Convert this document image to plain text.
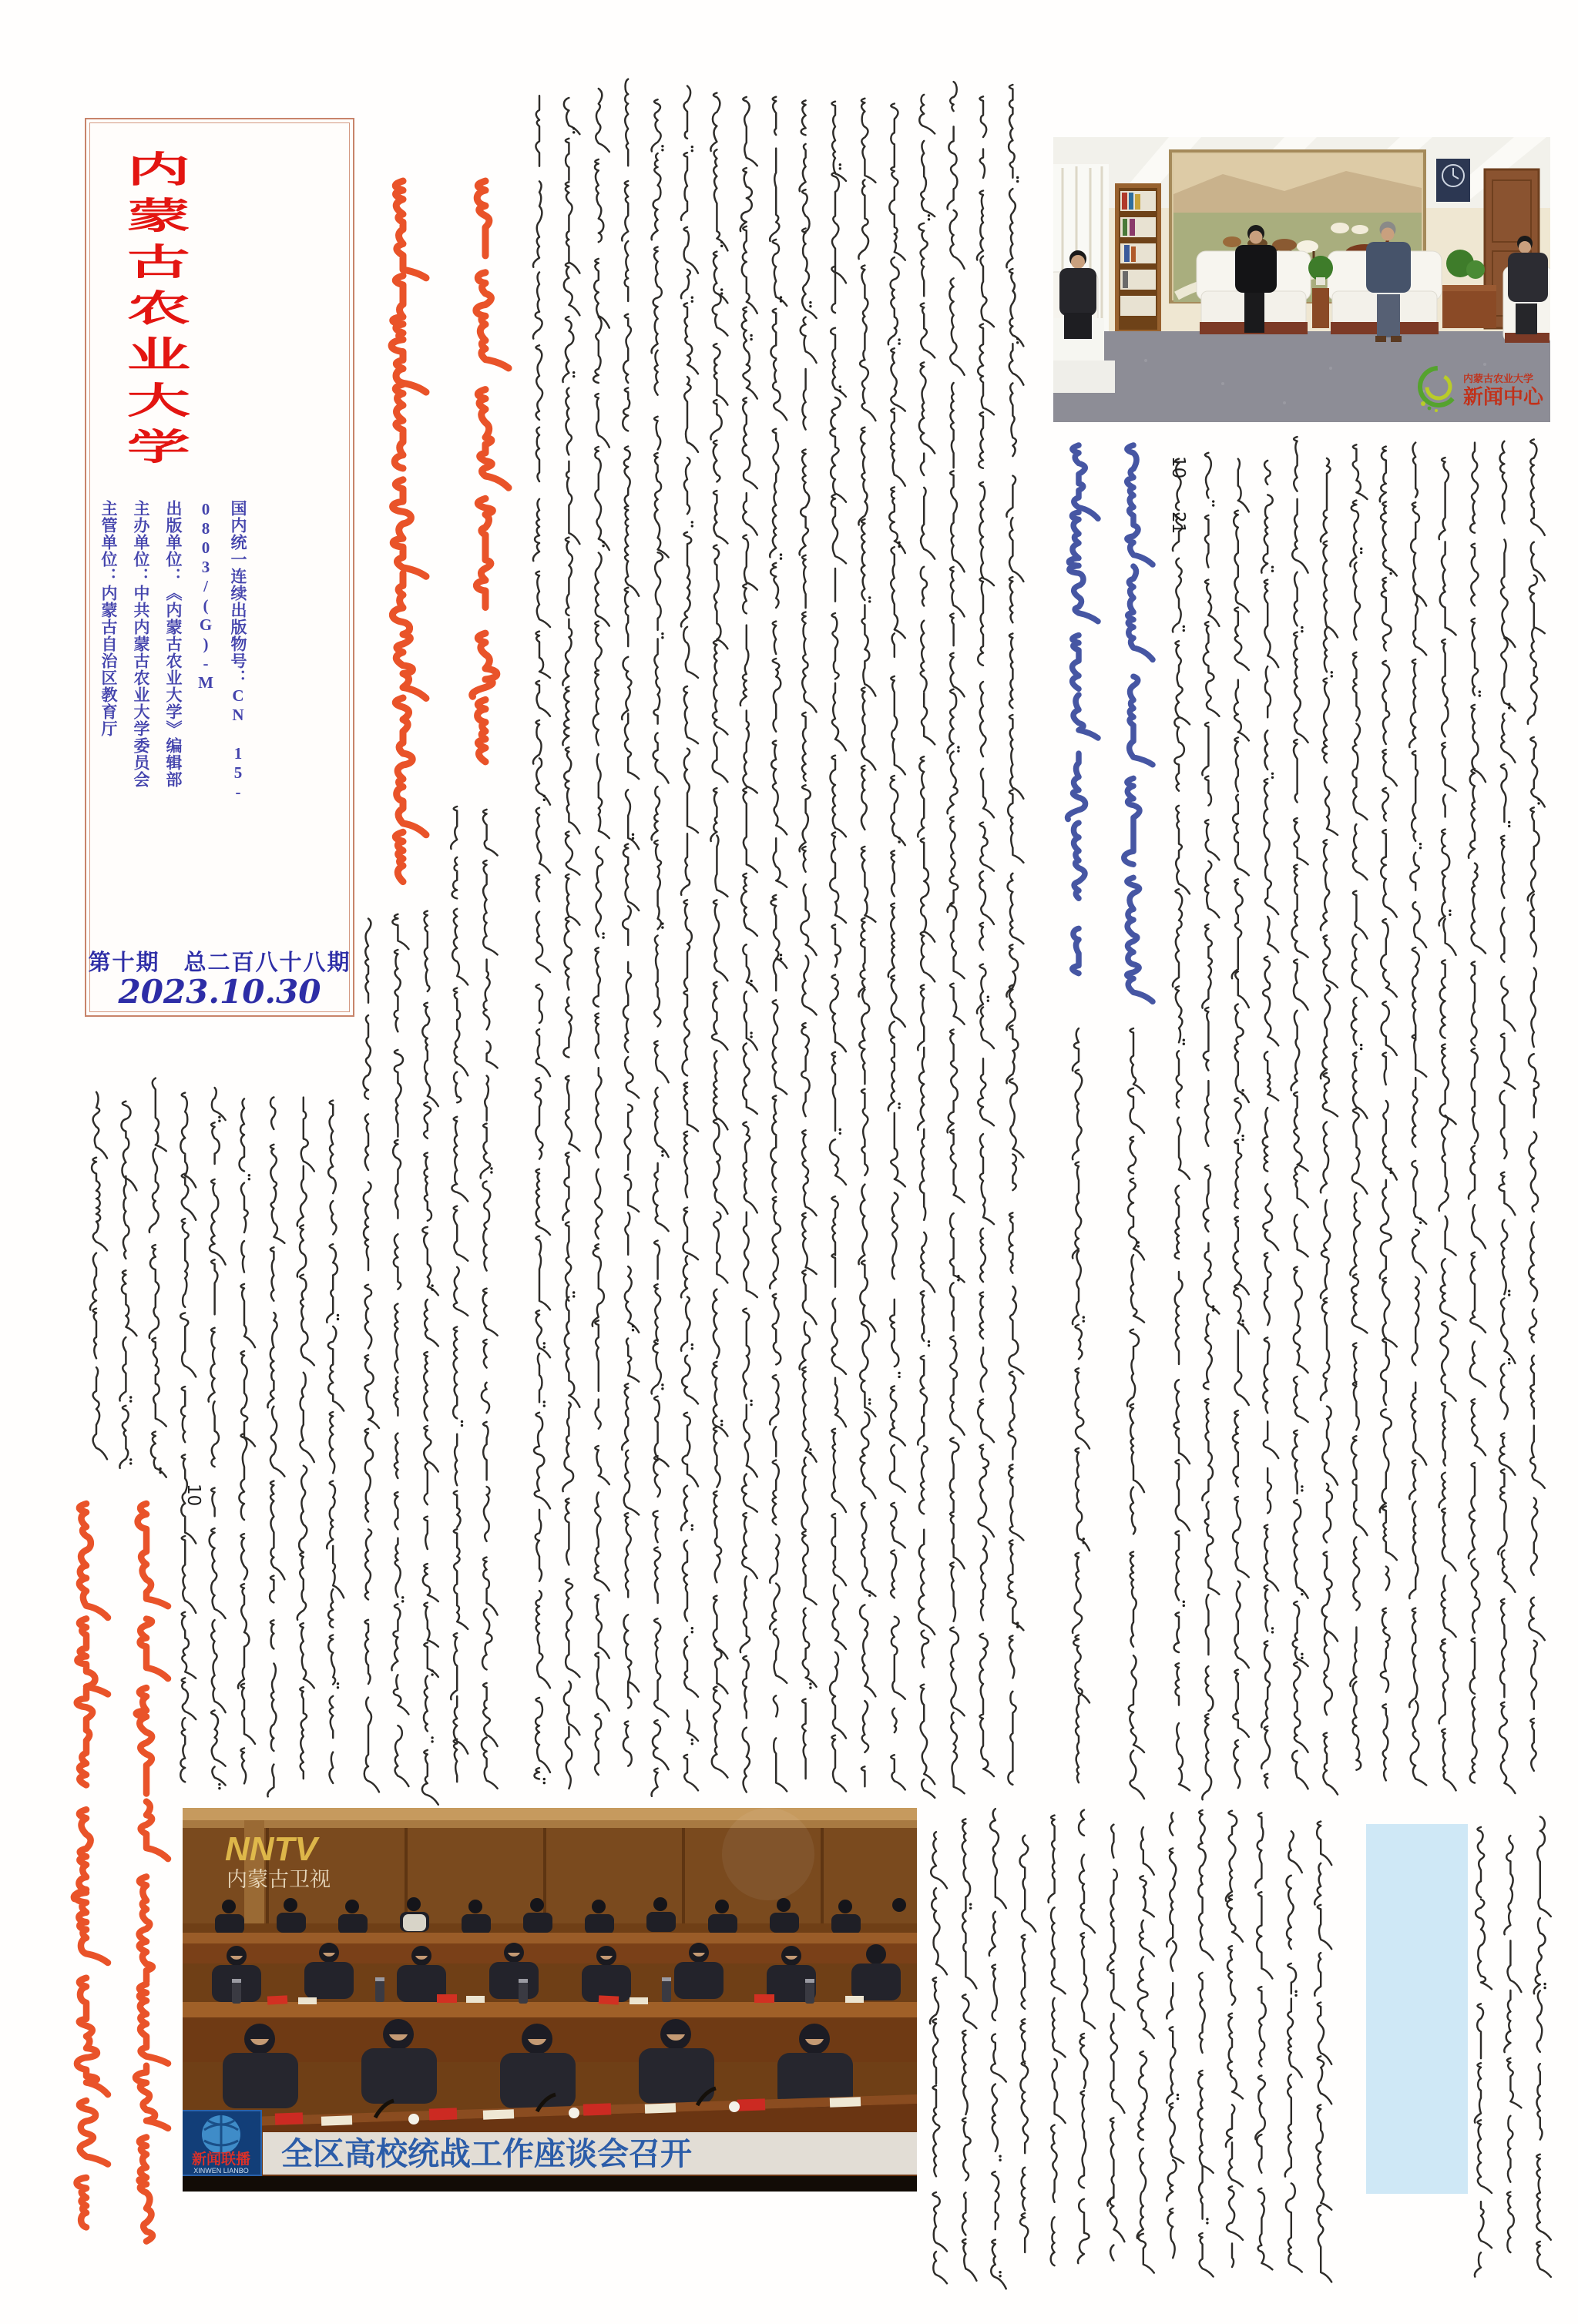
内蒙古农业大学
国内统一连续出版物号：CN 15-0803/(G)-M
出版单位：《内蒙古农业大学》编辑部
主办单位：中共内蒙古农业大学委员会
主管单位：内蒙古自治区教育厅
第十期　总二百八十八期
2023.10.30
内蒙古农业大学
新闻中心
NNTV
内蒙古卫视
全区高校统战工作座谈会召开
新闻联播
XINWEN LIANBO
10
21
10
